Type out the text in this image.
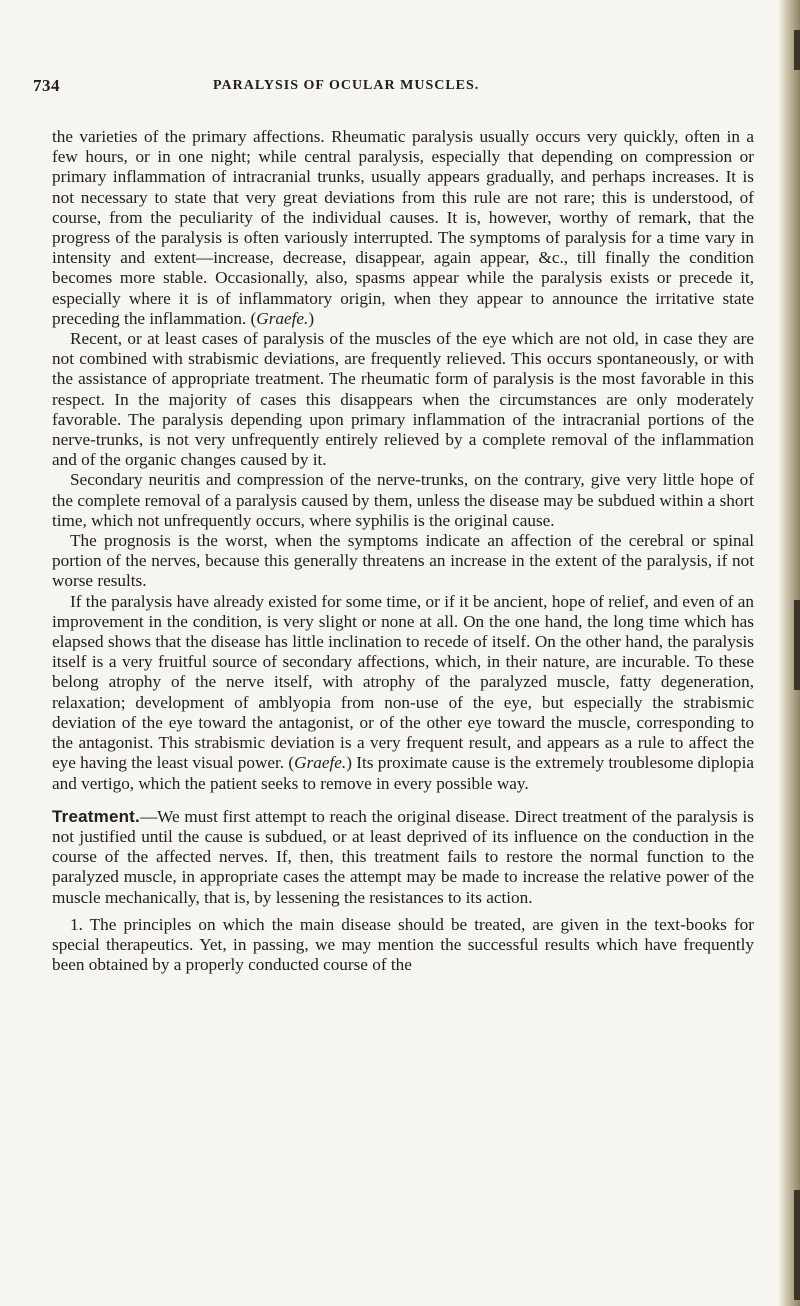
734	PARALYSIS OF OCULAR MUSCLES.

the varieties of the primary affections. Rheumatic paralysis usually occurs very quickly, often in a few hours, or in one night; while central paralysis, especially that depending on compression or primary inflammation of intracranial trunks, usually appears gradually, and perhaps increases. It is not necessary to state that very great deviations from this rule are not rare; this is understood, of course, from the peculiarity of the individual causes. It is, however, worthy of remark, that the progress of the paralysis is often variously interrupted. The symptoms of paralysis for a time vary in intensity and extent—increase, decrease, disappear, again appear, &c., till finally the condition becomes more stable. Occasionally, also, spasms appear while the paralysis exists or precede it, especially where it is of inflammatory origin, when they appear to announce the irritative state preceding the inflammation. (Graefe.)

Recent, or at least cases of paralysis of the muscles of the eye which are not old, in case they are not combined with strabismic deviations, are frequently relieved. This occurs spontaneously, or with the assistance of appropriate treatment. The rheumatic form of paralysis is the most favorable in this respect. In the majority of cases this disappears when the circumstances are only moderately favorable. The paralysis depending upon primary inflammation of the intracranial portions of the nerve-trunks, is not very unfrequently entirely relieved by a complete removal of the inflammation and of the organic changes caused by it.

Secondary neuritis and compression of the nerve-trunks, on the contrary, give very little hope of the complete removal of a paralysis caused by them, unless the disease may be subdued within a short time, which not unfrequently occurs, where syphilis is the original cause.

The prognosis is the worst, when the symptoms indicate an affection of the cerebral or spinal portion of the nerves, because this generally threatens an increase in the extent of the paralysis, if not worse results.

If the paralysis have already existed for some time, or if it be ancient, hope of relief, and even of an improvement in the condition, is very slight or none at all. On the one hand, the long time which has elapsed shows that the disease has little inclination to recede of itself. On the other hand, the paralysis itself is a very fruitful source of secondary affections, which, in their nature, are incurable. To these belong atrophy of the nerve itself, with atrophy of the paralyzed muscle, fatty degeneration, relaxation; development of amblyopia from non-use of the eye, but especially the strabismic deviation of the eye toward the antagonist, or of the other eye toward the muscle, corresponding to the antagonist. This strabismic deviation is a very frequent result, and appears as a rule to affect the eye having the least visual power. (Graefe.) Its proximate cause is the extremely troublesome diplopia and vertigo, which the patient seeks to remove in every possible way.

Treatment.—We must first attempt to reach the original disease. Direct treatment of the paralysis is not justified until the cause is subdued, or at least deprived of its influence on the conduction in the course of the affected nerves. If, then, this treatment fails to restore the normal function to the paralyzed muscle, in appropriate cases the attempt may be made to increase the relative power of the muscle mechanically, that is, by lessening the resistances to its action.

1. The principles on which the main disease should be treated, are given in the text-books for special therapeutics. Yet, in passing, we may mention the successful results which have frequently been obtained by a properly conducted course of the
